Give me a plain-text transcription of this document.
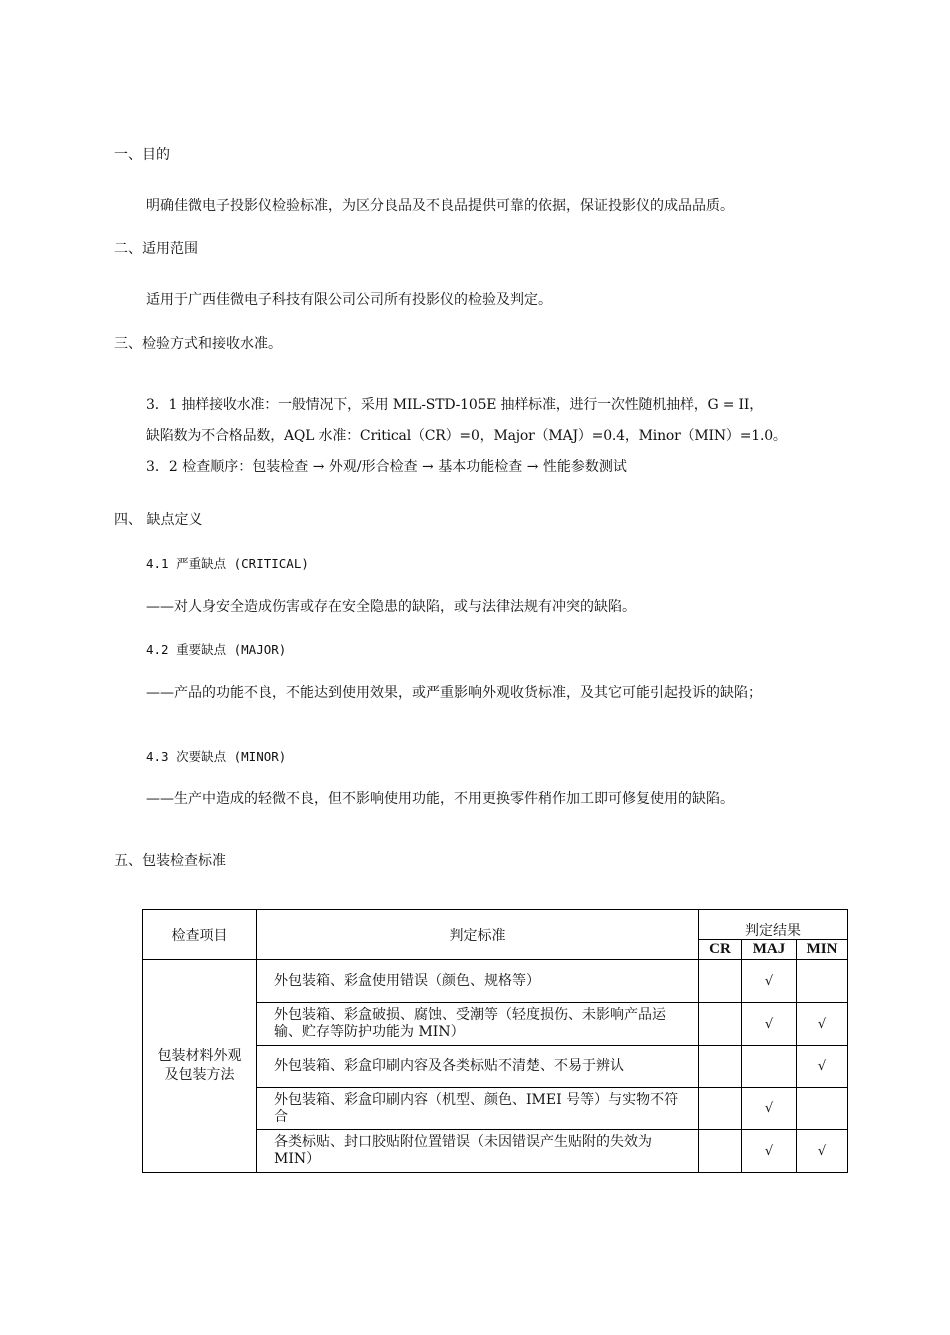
一、目的
明确佳微电子投影仪检验标准，为区分良品及不良品提供可靠的依据，保证投影仪的成品品质。
二、适用范围
适用于广西佳微电子科技有限公司公司所有投影仪的检验及判定。
三、检验方式和接收水准。
3．1 抽样接收水准：一般情况下，采用 MIL-STD-105E 抽样标准，进行一次性随机抽样，G = II，
缺陷数为不合格品数，AQL 水准：Critical（CR）=0，Major（MAJ）=0.4，Minor（MIN）=1.0。
3．2 检查顺序：包装检查 → 外观/形合检查 → 基本功能检查 → 性能参数测试
四、 缺点定义
4.1 严重缺点 (CRITICAL)
——对人身安全造成伤害或存在安全隐患的缺陷，或与法律法规有冲突的缺陷。
4.2 重要缺点 (MAJOR)
——产品的功能不良，不能达到使用效果，或严重影响外观收货标准，及其它可能引起投诉的缺陷；
4.3 次要缺点 (MINOR)
——生产中造成的轻微不良，但不影响使用功能，不用更换零件稍作加工即可修复使用的缺陷。
五、包装检查标准
检查项目	判定标准	判定结果		
		CR	MAJ	MIN
包装材料外观及包装方法	外包装箱、彩盒使用错误（颜色、规格等）		√	
	外包装箱、彩盒破损、腐蚀、受潮等（轻度损伤、未影响产品运输、贮存等防护功能为 MIN）		√	√
	外包装箱、彩盒印刷内容及各类标贴不清楚、不易于辨认			√
	外包装箱、彩盒印刷内容（机型、颜色、IMEI 号等）与实物不符合		√	
	各类标贴、封口胶贴附位置错误（未因错误产生贴附的失效为 MIN）		√	√
